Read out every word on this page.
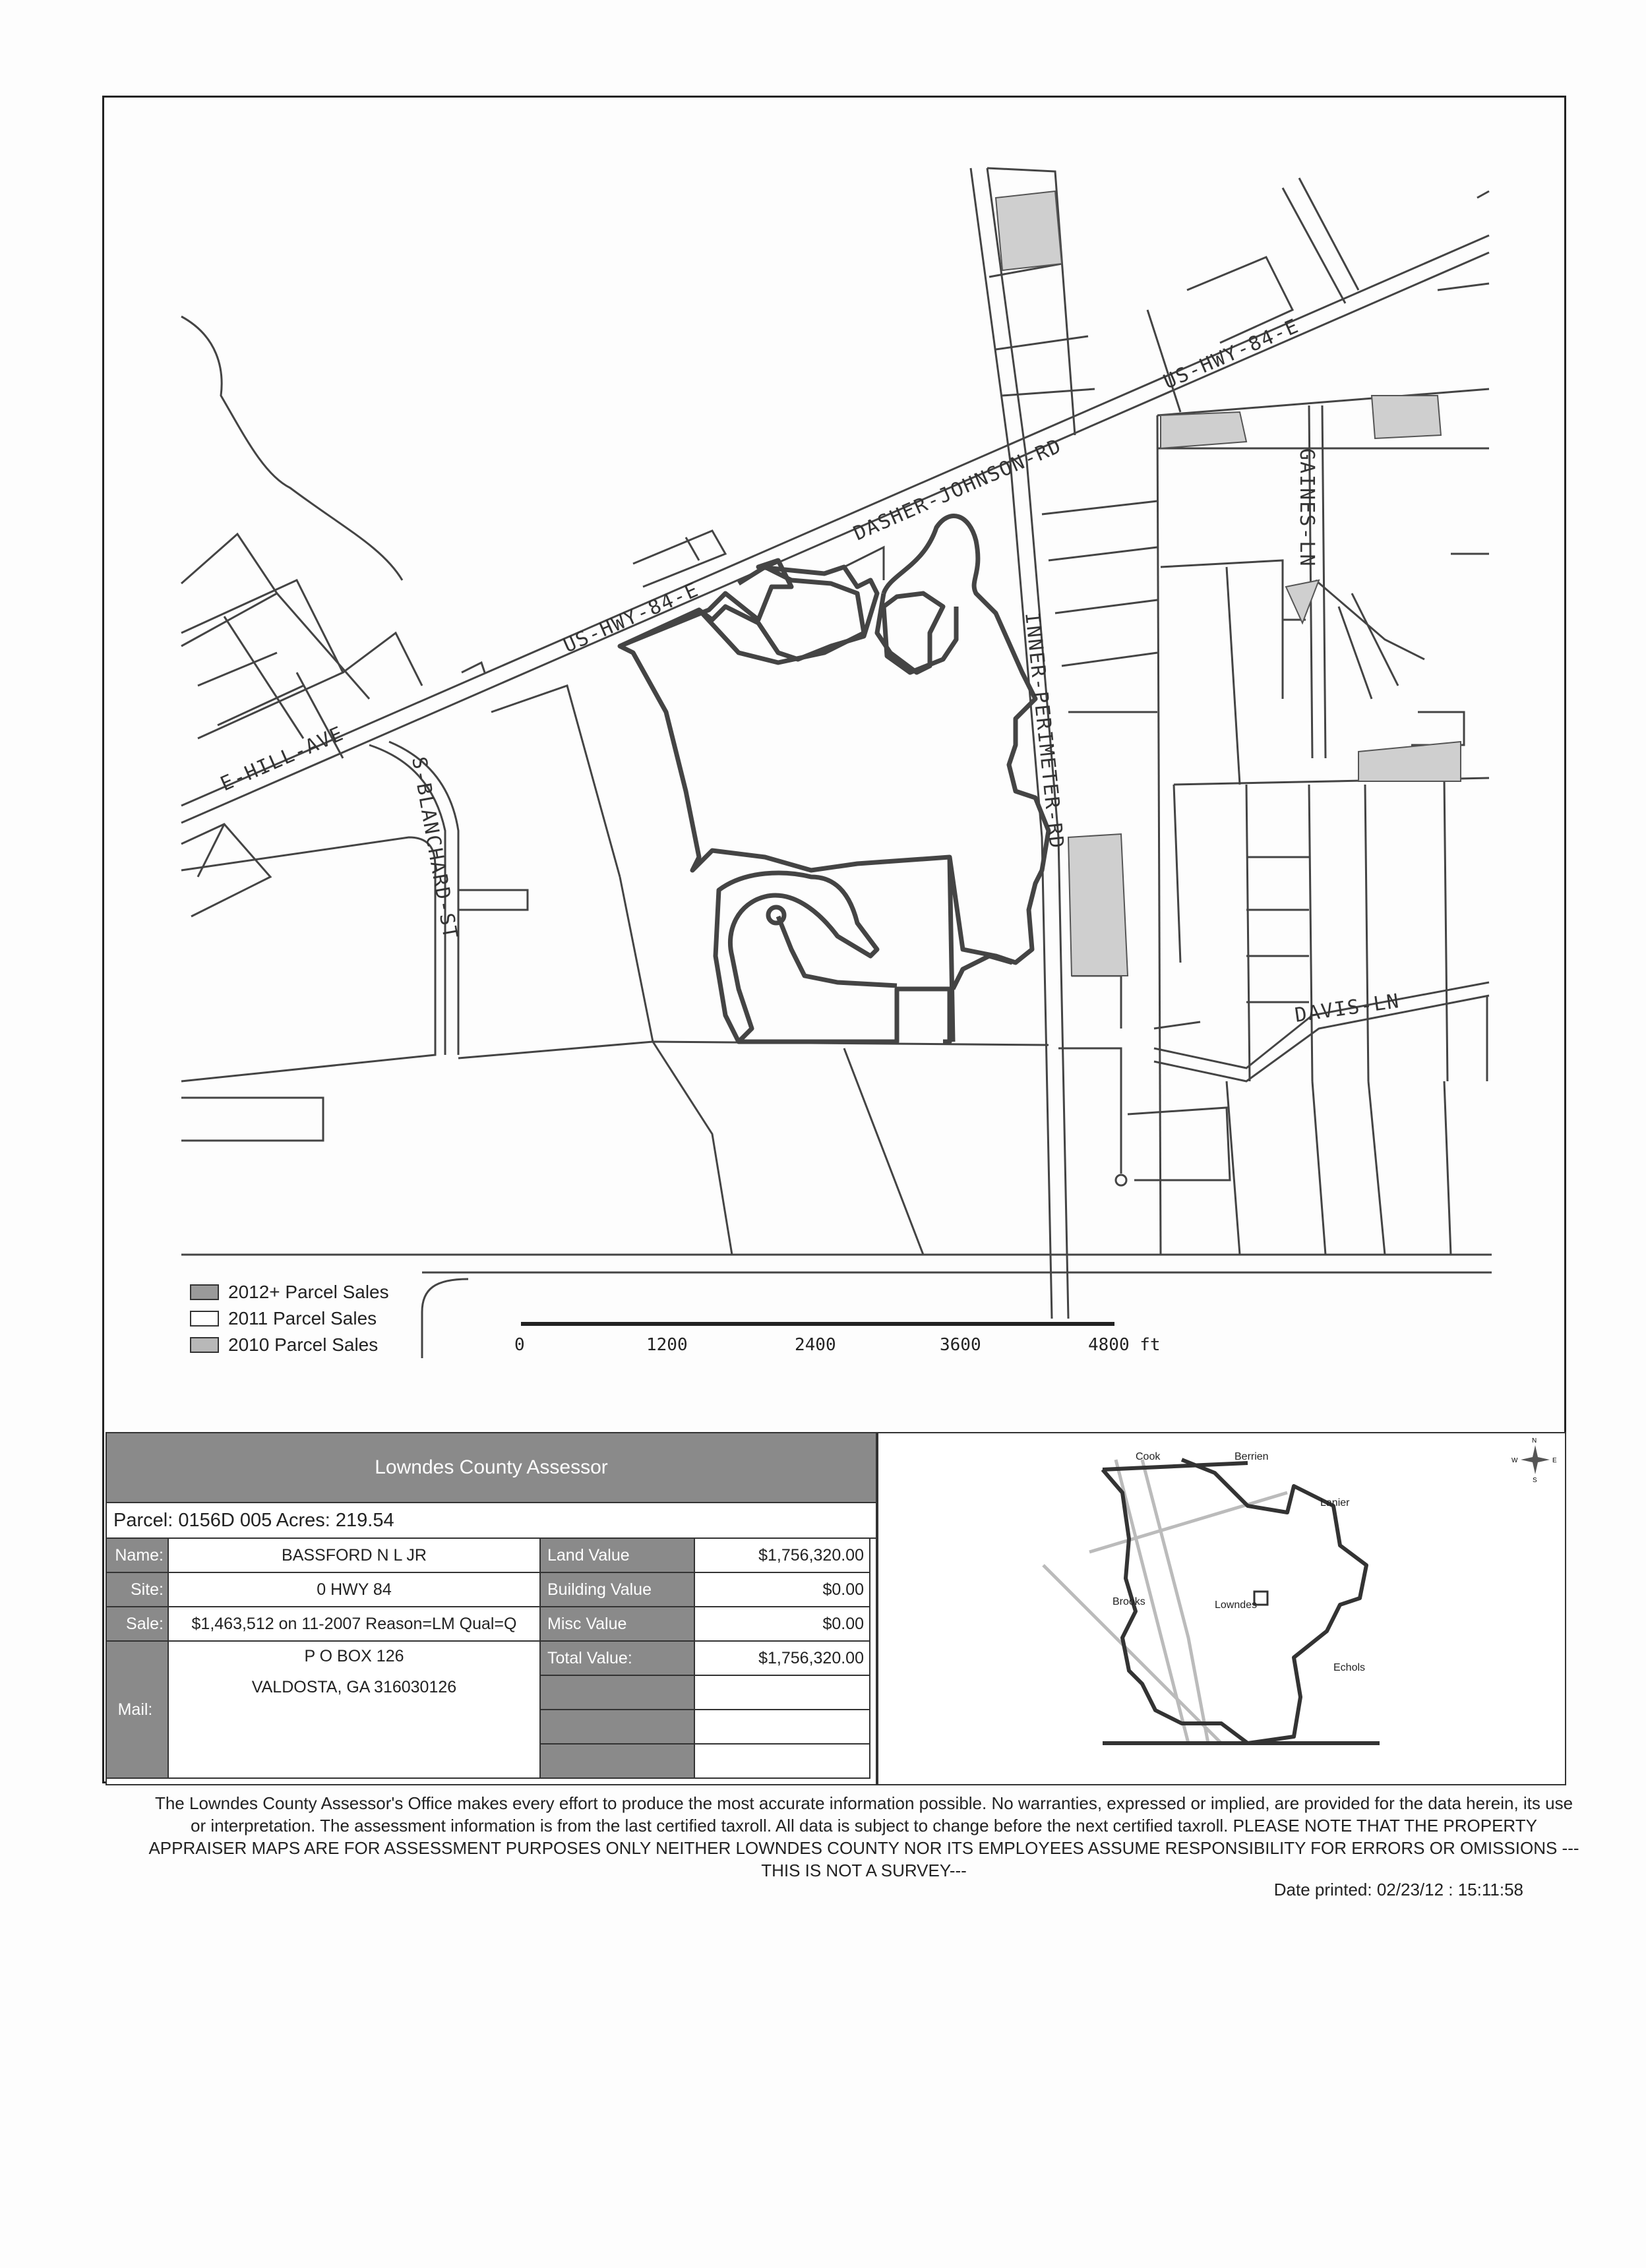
US-HWY-84-E
US-HWY-84-E
DASHER-JOHNSON-RD
INNER-PERIMETER-RD
GAINES-LN
DAVIS-LN
E-HILL-AVE	S-BLANCHARD-ST
0	1200	2400	3600	4800 ft
2012+ Parcel Sales
2011 Parcel Sales
2010 Parcel Sales
Lowndes County Assessor
Parcel: 0156D 005 Acres: 219.54
Name:	BASSFORD N L JR	Land Value	$1,756,320.00
Site:	0 HWY 84	Building Value	$0.00
Sale:	$1,463,512 on 11-2007 Reason=LM Qual=Q	Misc Value	$0.00
Mail:
P O BOX 126
VALDOSTA, GA 316030126
Total Value:	$1,756,320.00
Cook	Berrien
Lanier
Brooks	Lowndes
Echols
N
S
E
W
The Lowndes County Assessor's Office makes every effort to produce the most accurate information possible. No warranties, expressed or implied, are provided for the data herein, its use or interpretation. The assessment information is from the last certified taxroll. All data is subject to change before the next certified taxroll. PLEASE NOTE THAT THE PROPERTY APPRAISER MAPS ARE FOR ASSESSMENT PURPOSES ONLY NEITHER LOWNDES COUNTY NOR ITS EMPLOYEES ASSUME RESPONSIBILITY FOR ERRORS OR OMISSIONS ---THIS IS NOT A SURVEY---
Date printed: 02/23/12 : 15:11:58
